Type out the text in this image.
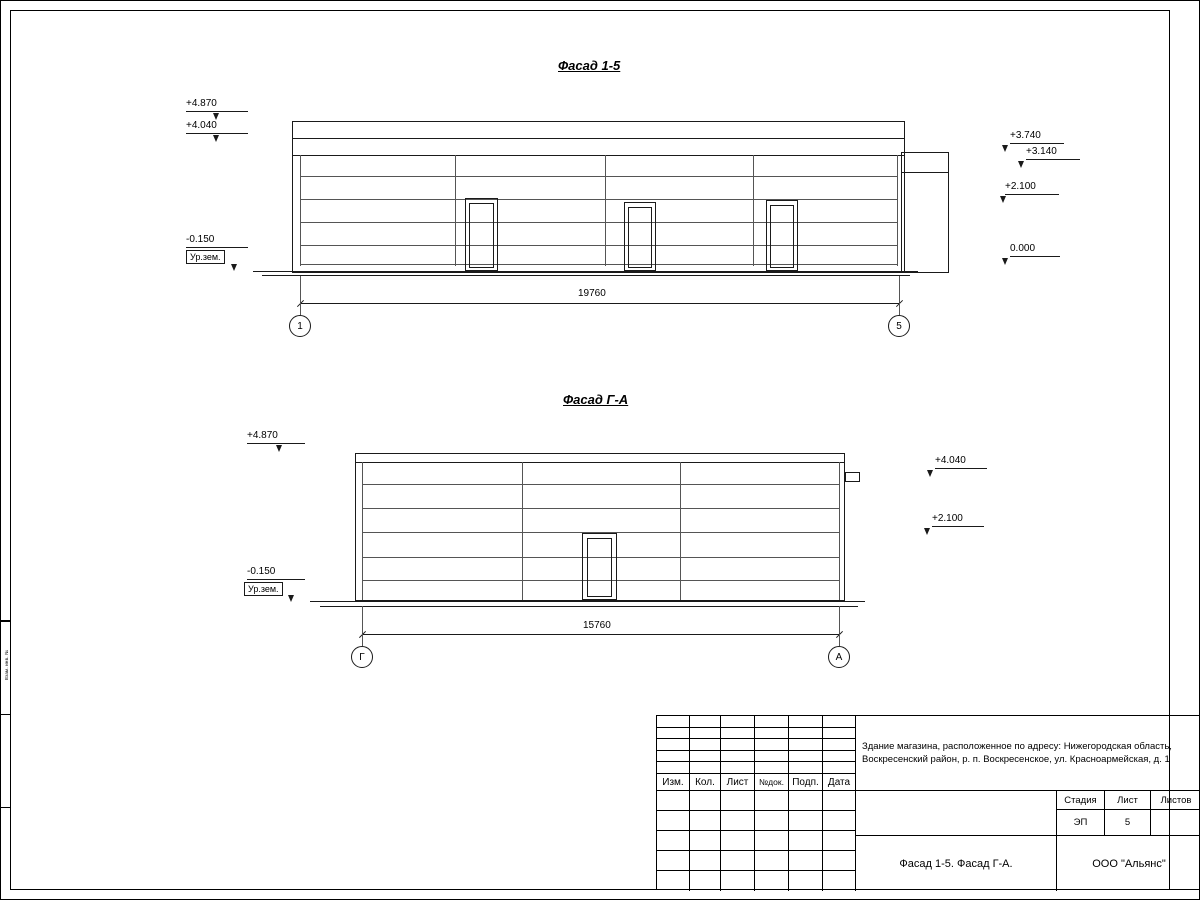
Взам. инв. №
Фасад 1-5
+4.870
+4.040
-0.150
Ур.зем.
+3.740
+3.140
+2.100
0.000
19760
1	5
Фасад Г-А
+4.870
-0.150
Ур.зем.
+4.040
+2.100
15760
Г	А
Изм.	Кол.	Лист	№док. Подп. Дата
Здание магазина, расположенное по адресу: Нижегородская область,
Воскресенский район, р. п. Воскресенское, ул. Красноармейская, д. 1
Стадия	Лист	Листов
ЭП	5
Фасад 1-5. Фасад Г-А.	ООО "Альянс"
